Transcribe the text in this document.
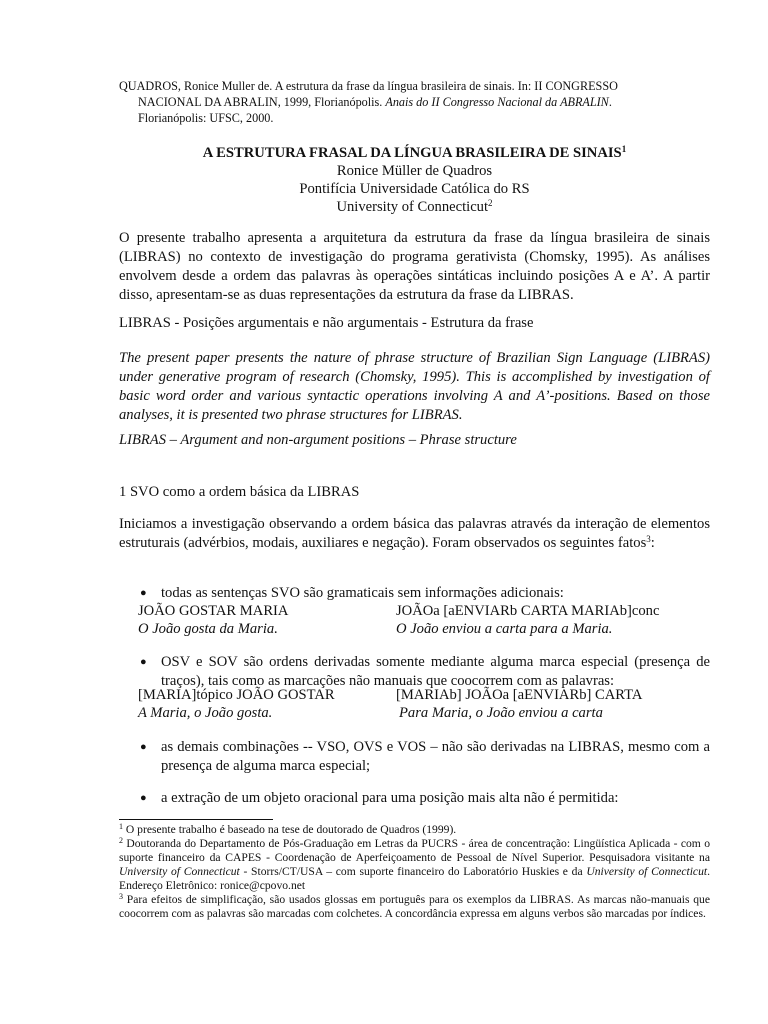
QUADROS, Ronice Muller de. A estrutura da frase da língua brasileira de sinais. In: II CONGRESSO
NACIONAL DA ABRALIN, 1999, Florianópolis. Anais do II Congresso Nacional da ABRALIN.
Florianópolis: UFSC, 2000.
A ESTRUTURA FRASAL DA LÍNGUA BRASILEIRA DE SINAIS$^1$
Ronice Müller de Quadros
Pontifícia Universidade Católica do RS
University of Connecticut$^2$
O presente trabalho apresenta a arquitetura da estrutura da frase da língua brasileira de sinais (LIBRAS) no contexto de investigação do programa gerativista (Chomsky, 1995). As análises envolvem desde a ordem das palavras às operações sintáticas incluindo posições A e A’. A partir disso, apresentam-se as duas representações da estrutura da frase da LIBRAS.
LIBRAS - Posições argumentais e não argumentais - Estrutura da frase
The present paper presents the nature of phrase structure of Brazilian Sign Language (LIBRAS) under generative program of research (Chomsky, 1995). This is accomplished by investigation of basic word order and various syntactic operations involving A and A’-positions. Based on those analyses, it is presented two phrase structures for LIBRAS.
LIBRAS – Argument and non-argument positions – Phrase structure
1 SVO como a ordem básica da LIBRAS
Iniciamos a investigação observando a ordem básica das palavras através da interação de elementos estruturais (advérbios, modais, auxiliares e negação). Foram observados os seguintes fatos$^3$:
● todas as sentenças SVO são gramaticais sem informações adicionais:
JOÃO GOSTAR MARIA	JOÃOa [aENVIARb CARTA MARIAb]conc
O João gosta da Maria.	O João enviou a carta para a Maria.
● OSV e SOV são ordens derivadas somente mediante alguma marca especial (presença de traços), tais como as marcações não manuais que coocorrem com as palavras:
[MARIA]tópico JOÃO GOSTAR	[MARIAb] JOÃOa [aENVIARb] CARTA
A Maria, o João gosta.	Para Maria, o João enviou a carta
● as demais combinações -- VSO, OVS e VOS – não são derivadas na LIBRAS, mesmo com a presença de alguma marca especial;
● a extração de um objeto oracional para uma posição mais alta não é permitida:
$^1$ O presente trabalho é baseado na tese de doutorado de Quadros (1999).
$^2$ Doutoranda do Departamento de Pós-Graduação em Letras da PUCRS - área de concentração: Lingüística Aplicada - com o suporte financeiro da CAPES - Coordenação de Aperfeiçoamento de Pessoal de Nível Superior. Pesquisadora visitante na University of Connecticut - Storrs/CT/USA – com suporte financeiro do Laboratório Huskies e da University of Connecticut. Endereço Eletrônico: ronice@cpovo.net
$^3$ Para efeitos de simplificação, são usados glossas em português para os exemplos da LIBRAS. As marcas não-manuais que coocorrem com as palavras são marcadas com colchetes. A concordância expressa em alguns verbos são marcadas por índices.
